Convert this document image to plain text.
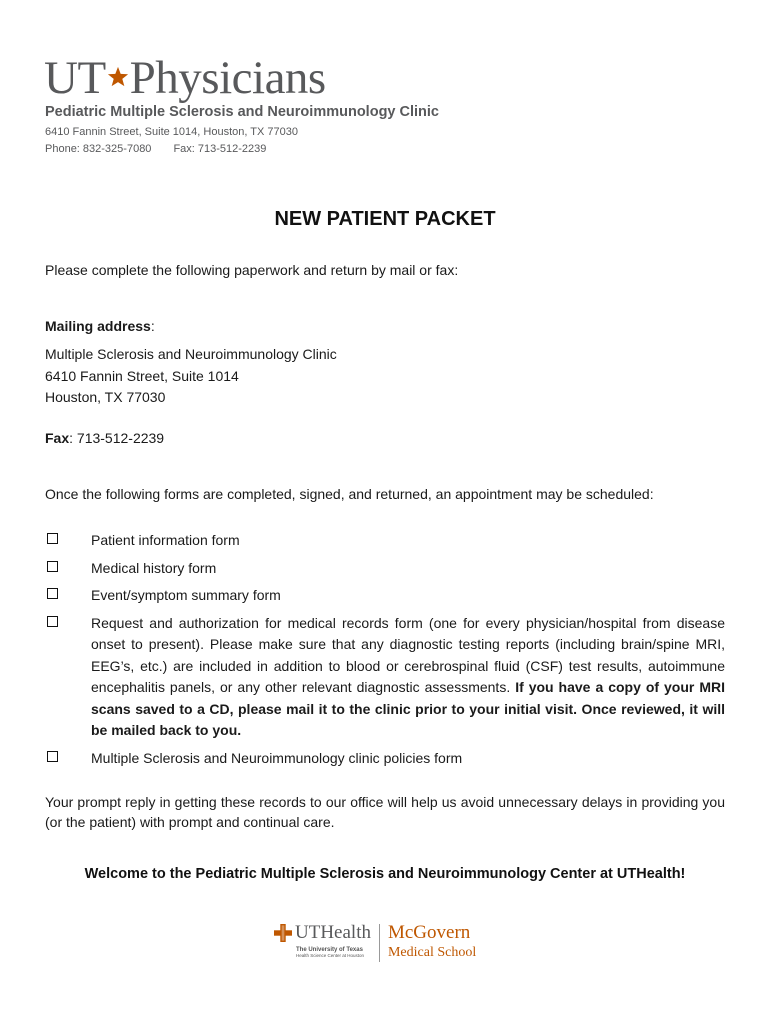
UT Physicians
Pediatric Multiple Sclerosis and Neuroimmunology Clinic
6410 Fannin Street, Suite 1014, Houston, TX 77030
Phone: 832-325-7080 Fax: 713-512-2239
NEW PATIENT PACKET
Please complete the following paperwork and return by mail or fax:
Mailing address:
Multiple Sclerosis and Neuroimmunology Clinic
6410 Fannin Street, Suite 1014
Houston, TX 77030
Fax: 713-512-2239
Once the following forms are completed, signed, and returned, an appointment may be scheduled:
Patient information form
Medical history form
Event/symptom summary form
Request and authorization for medical records form (one for every physician/hospital from disease onset to present). Please make sure that any diagnostic testing reports (including brain/spine MRI, EEG’s, etc.) are included in addition to blood or cerebrospinal fluid (CSF) test results, autoimmune encephalitis panels, or any other relevant diagnostic assessments. If you have a copy of your MRI scans saved to a CD, please mail it to the clinic prior to your initial visit. Once reviewed, it will be mailed back to you.
Multiple Sclerosis and Neuroimmunology clinic policies form
Your prompt reply in getting these records to our office will help us avoid unnecessary delays in providing you (or the patient) with prompt and continual care.
Welcome to the Pediatric Multiple Sclerosis and Neuroimmunology Center at UTHealth!
UTHealth
The University of Texas
Health Science Center at Houston
McGovern
Medical School
